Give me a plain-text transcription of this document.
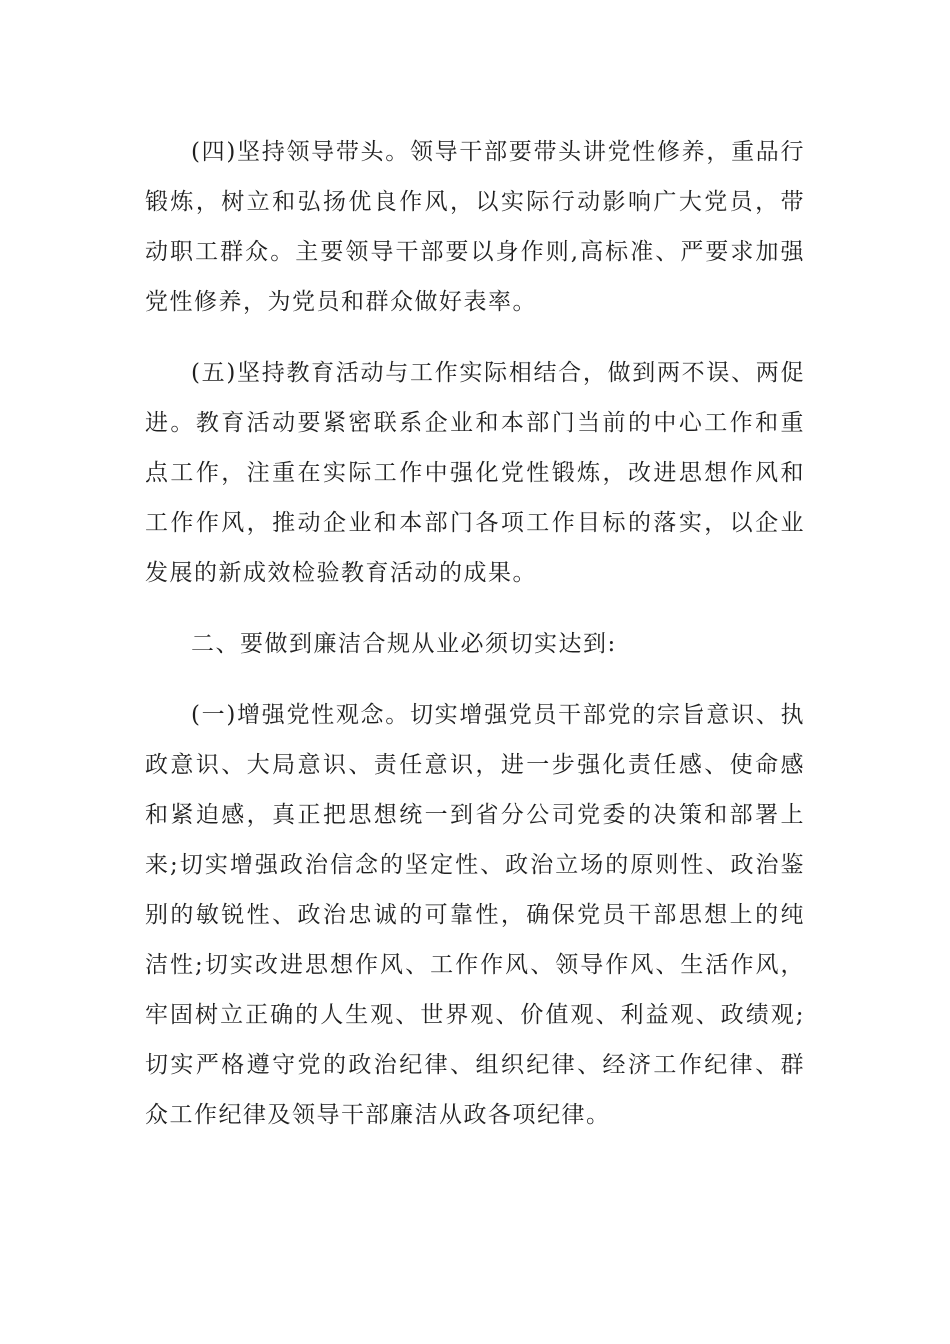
(四)坚持领导带头。领导干部要带头讲党性修养，重品行锻炼，树立和弘扬优良作风，以实际行动影响广大党员，带动职工群众。主要领导干部要以身作则,高标准、严要求加强党性修养，为党员和群众做好表率。

(五)坚持教育活动与工作实际相结合，做到两不误、两促进。教育活动要紧密联系企业和本部门当前的中心工作和重点工作，注重在实际工作中强化党性锻炼，改进思想作风和工作作风，推动企业和本部门各项工作目标的落实，以企业发展的新成效检验教育活动的成果。

二、要做到廉洁合规从业必须切实达到:

(一)增强党性观念。切实增强党员干部党的宗旨意识、执政意识、大局意识、责任意识，进一步强化责任感、使命感和紧迫感，真正把思想统一到省分公司党委的决策和部署上来;切实增强政治信念的坚定性、政治立场的原则性、政治鉴别的敏锐性、政治忠诚的可靠性，确保党员干部思想上的纯洁性;切实改进思想作风、工作作风、领导作风、生活作风，牢固树立正确的人生观、世界观、价值观、利益观、政绩观;切实严格遵守党的政治纪律、组织纪律、经济工作纪律、群众工作纪律及领导干部廉洁从政各项纪律。
